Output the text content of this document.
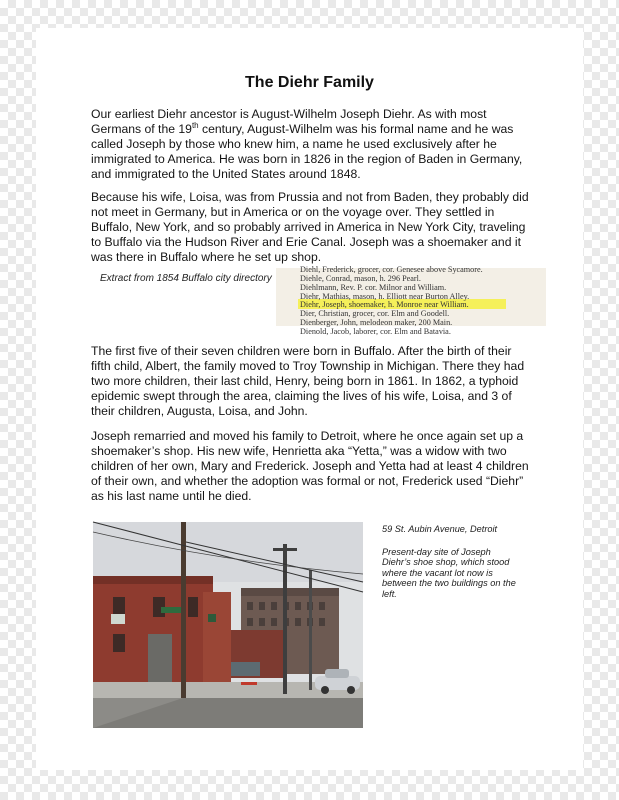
The Diehr Family
Our earliest Diehr ancestor is August-Wilhelm Joseph Diehr. As with most Germans of the 19th century, August-Wilhelm was his formal name and he was called Joseph by those who knew him, a name he used exclusively after he immigrated to America. He was born in 1826 in the region of Baden in Germany, and immigrated to the United States around 1848.
Because his wife, Loisa, was from Prussia and not from Baden, they probably did not meet in Germany, but in America or on the voyage over. They settled in Buffalo, New York, and so probably arrived in America in New York City, traveling to Buffalo via the Hudson River and Erie Canal. Joseph was a shoemaker and it was there in Buffalo where he set up shop.
Extract from 1854 Buffalo city directory
Diehl, Frederick, grocer, cor. Genesee above Sycamore.
Diehle, Conrad, mason, h. 296 Pearl.
Diehlmann, Rev. P. cor. Milnor and William.
Diehr, Mathias, mason, h. Elliott near Burton Alley.
Diehr, Joseph, shoemaker, h. Monroe near William.
Dier, Christian, grocer, cor. Elm and Goodell.
Dienberger, John, melodeon maker, 200 Main.
Dienold, Jacob, laborer, cor. Elm and Batavia.
The first five of their seven children were born in Buffalo. After the birth of their fifth child, Albert, the family moved to Troy Township in Michigan. There they had two more children, their last child, Henry, being born in 1861. In 1862, a typhoid epidemic swept through the area, claiming the lives of his wife, Loisa, and 3 of their children, Augusta, Loisa, and John.
Joseph remarried and moved his family to Detroit, where he once again set up a shoemaker’s shop. His new wife, Henrietta aka “Yetta,” was a widow with two children of her own, Mary and Frederick. Joseph and Yetta had at least 4 children of their own, and whether the adoption was formal or not, Frederick used “Diehr” as his last name until he died.
59 St. Aubin Avenue, Detroit
Present-day site of Joseph Diehr’s shoe shop, which stood where the vacant lot now is between the two buildings on the left.
